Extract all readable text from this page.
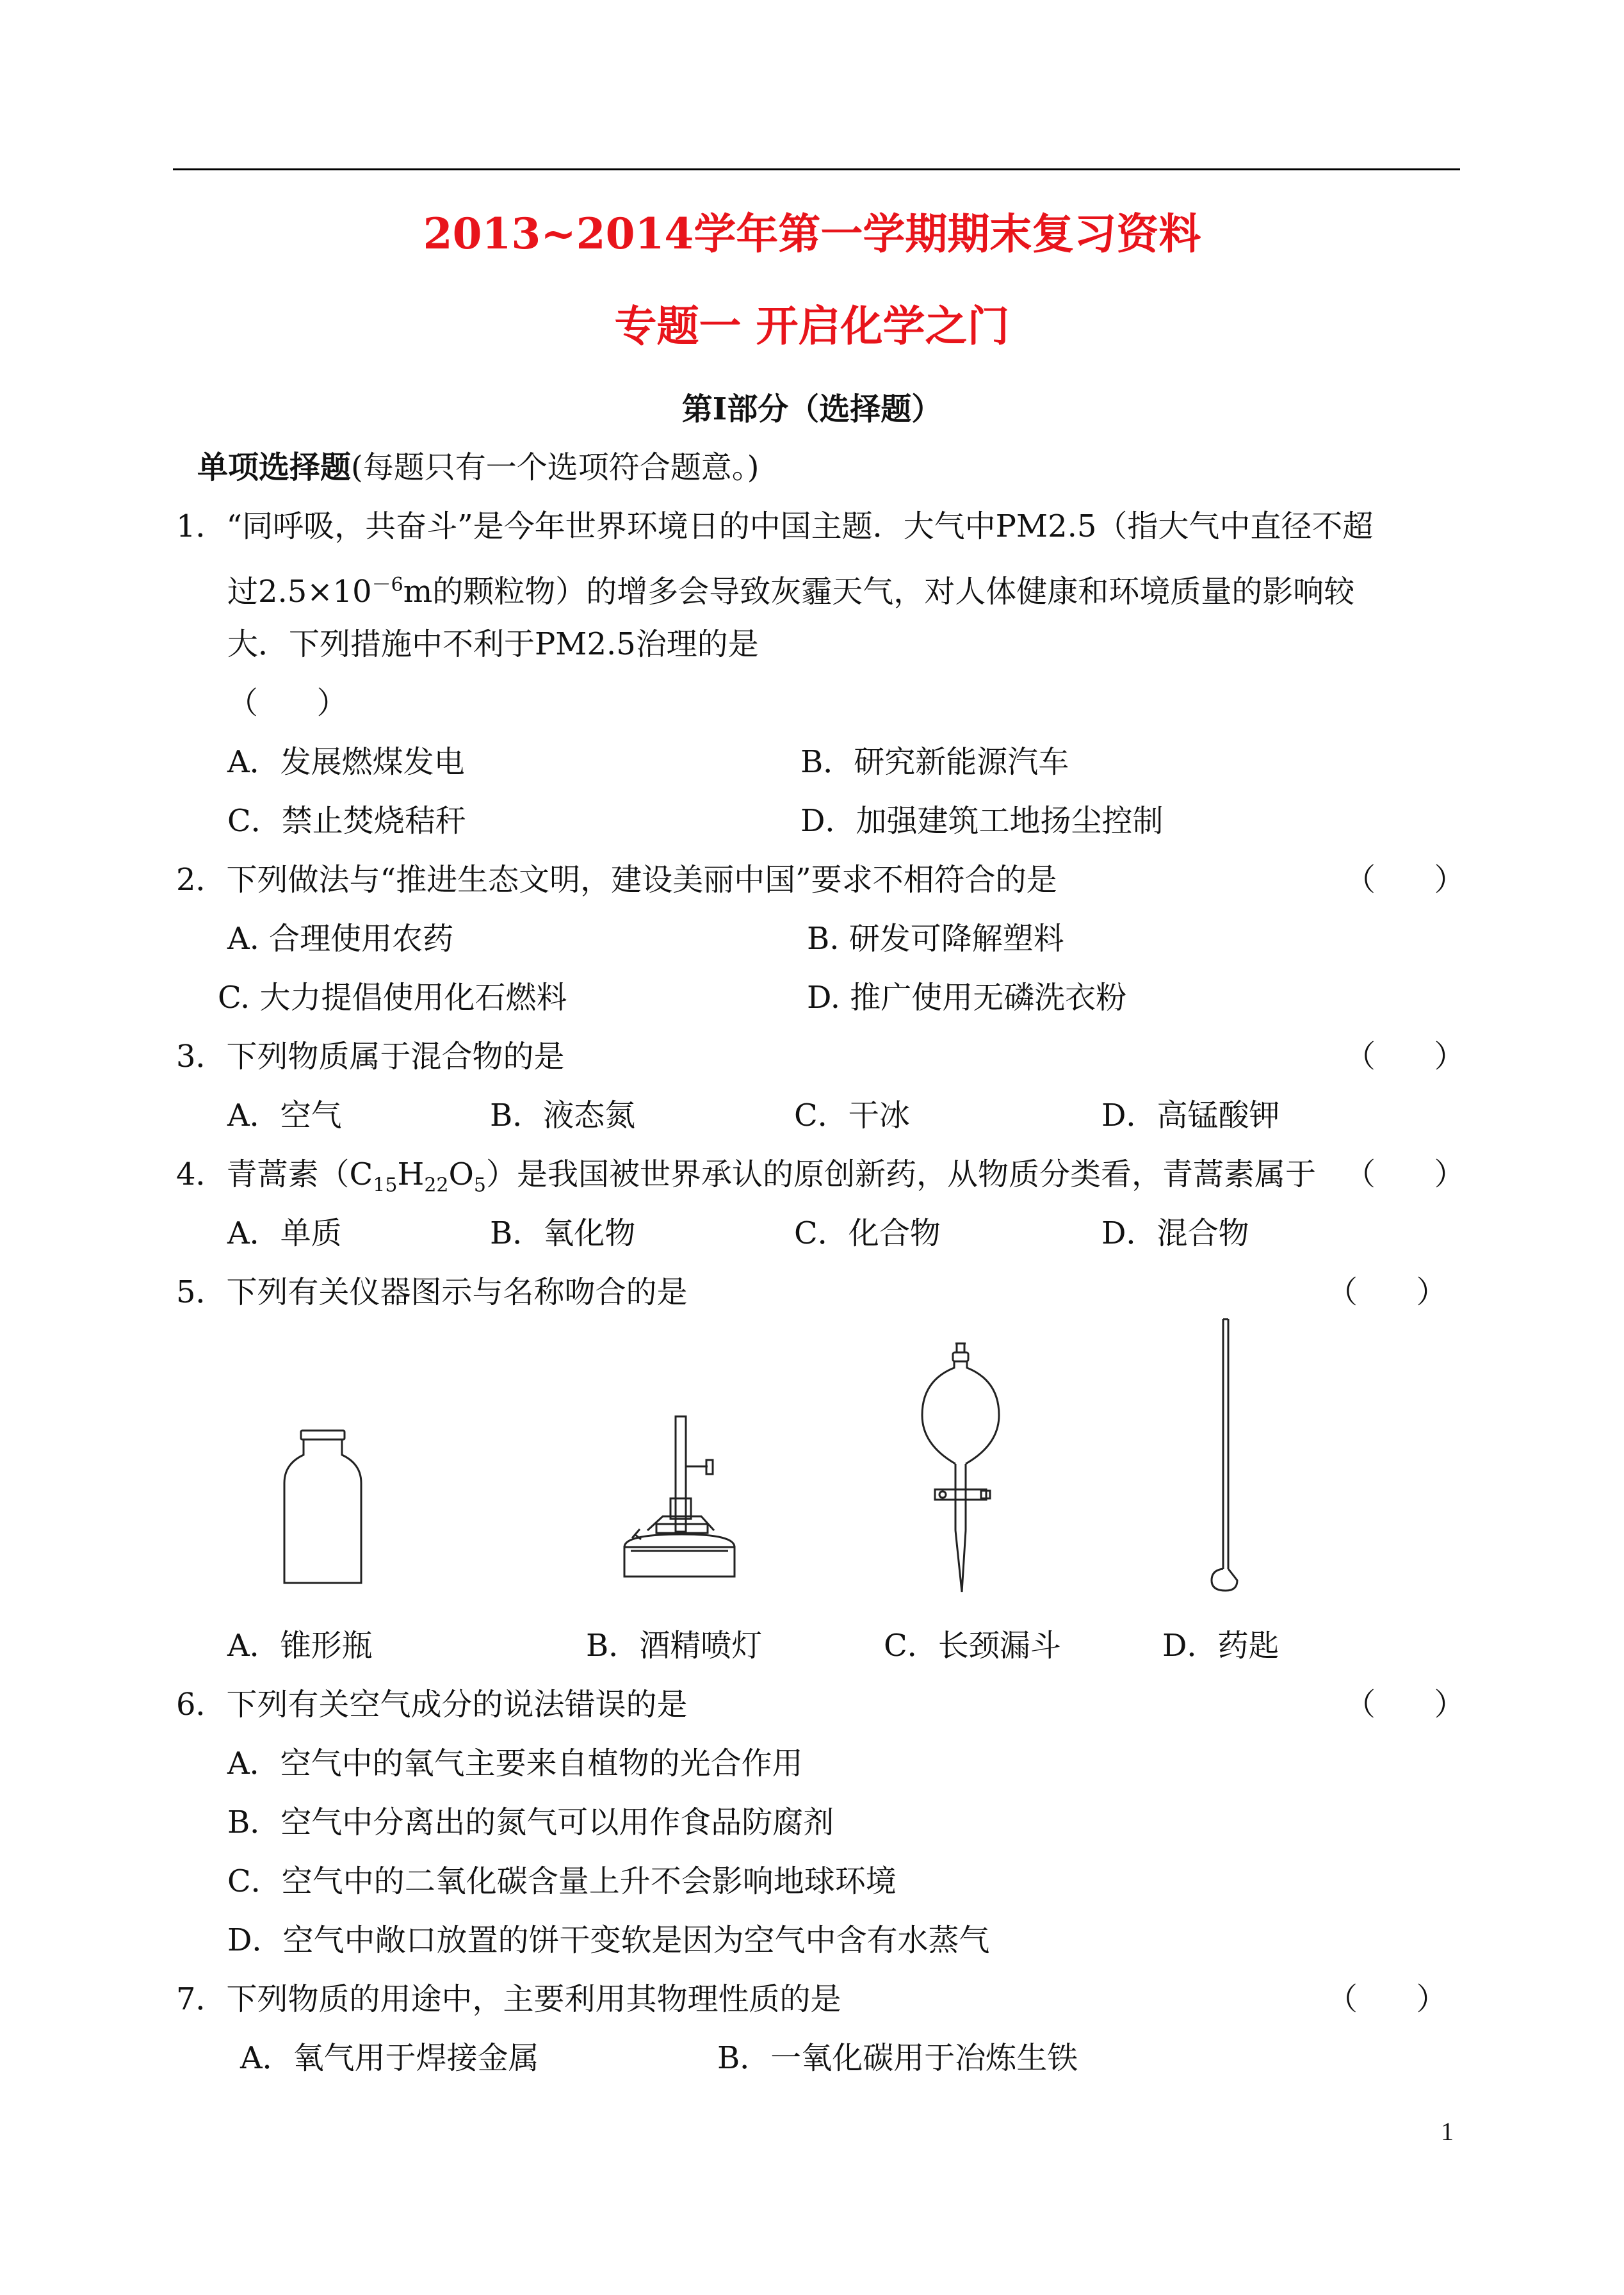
2013~2014学年第一学期期末复习资料
专题一 开启化学之门
第Ⅰ部分（选择题）
单项选择题(每题只有一个选项符合题意。)
1．“同呼吸，共奋斗”是今年世界环境日的中国主题．大气中PM2.5（指大气中直径不超
过$2.5\times 10^{-6}m$的颗粒物）的增多会导致灰霾天气，对人体健康和环境质量的影响较
大．下列措施中不利于PM2.5治理的是
（      ）
A．发展燃煤发电	B．研究新能源汽车
C．禁止焚烧秸秆	D．加强建筑工地扬尘控制
2．下列做法与“推进生态文明，建设美丽中国”要求不相符合的是	（      ）
A. 合理使用农药	B. 研发可降解塑料
C. 大力提倡使用化石燃料	D. 推广使用无磷洗衣粉
3．下列物质属于混合物的是	（      ）
A．空气	B．液态氮	C．干冰	D．高锰酸钾
4．青蒿素$(C_{15}H_{22}O_5)$是我国被世界承认的原创新药，从物质分类看，青蒿素属于 （      ）
A．单质	B．氧化物	C．化合物	D．混合物
5．下列有关仪器图示与名称吻合的是	（      ）
A．锥形瓶	B．酒精喷灯	C．长颈漏斗	D．药匙
6．下列有关空气成分的说法错误的是	（      ）
A．空气中的氧气主要来自植物的光合作用
B．空气中分离出的氮气可以用作食品防腐剂
C．空气中的二氧化碳含量上升不会影响地球环境
D．空气中敞口放置的饼干变软是因为空气中含有水蒸气
7．下列物质的用途中，主要利用其物理性质的是	（      ）
A．氧气用于焊接金属	B．一氧化碳用于冶炼生铁
1
